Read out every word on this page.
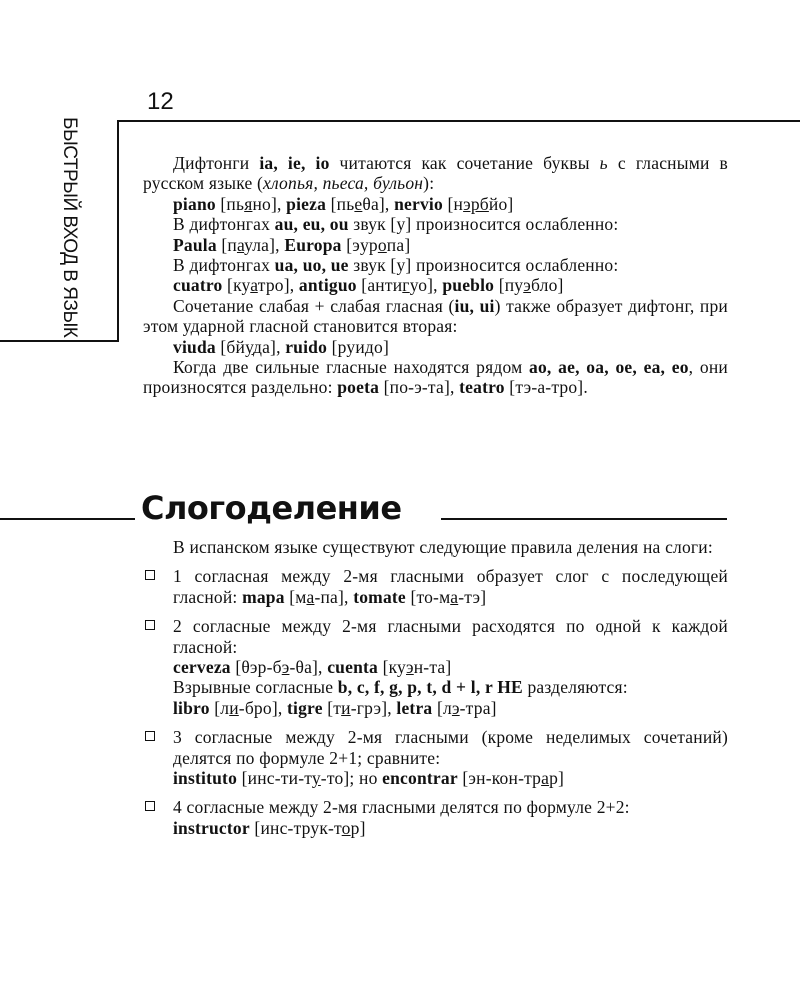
12
БЫСТРЫЙ ВХОД В ЯЗЫК	Дифтонги ia, ie, io читаются как сочетание буквы ь с гласными в русском языке (хлопья, пьеса, бульон):

piano [пьяно], pieza [пьеθа], nervio [нэрбйо]

В дифтонгах au, eu, ou звук [у] произносится ослабленно:

Paula [паула], Europa [эуропа]

В дифтонгах ua, uo, ue звук [у] произносится ослабленно:

cuatro [куатро], antiguo [антигуо], pueblo [пуэбло]

Сочетание слабая + слабая гласная (iu, ui) также образует дифтонг, при этом ударной гласной становится вторая:

viuda [бйуда], ruido [руидо]

Когда две сильные гласные находятся рядом ao, ae, oa, oe, ea, eo, они произносятся раздельно: poeta [по-э-та], teatro [тэ-а-тро].

Слогоделение

В испанском языке существуют следующие правила деления на слоги:

1 согласная между 2-мя гласными образует слог с последующей гласной: mapa [ма-па], tomate [то-ма-тэ]

2 согласные между 2-мя гласными расходятся по одной к каждой гласной:

cerveza [θэр-бэ-θа], cuenta [куэн-та]

Взрывные согласные b, c, f, g, p, t, d + l, r НЕ разделяются:

libro [ли-бро], tigre [ти-грэ], letra [лэ-тра]

3 согласные между 2-мя гласными (кроме неделимых сочетаний) делятся по формуле 2+1; сравните:

instituto [инс-ти-ту-то]; но encontrar [эн-кон-трар]

4 согласные между 2-мя гласными делятся по формуле 2+2:

instructor [инс-трук-тор]
